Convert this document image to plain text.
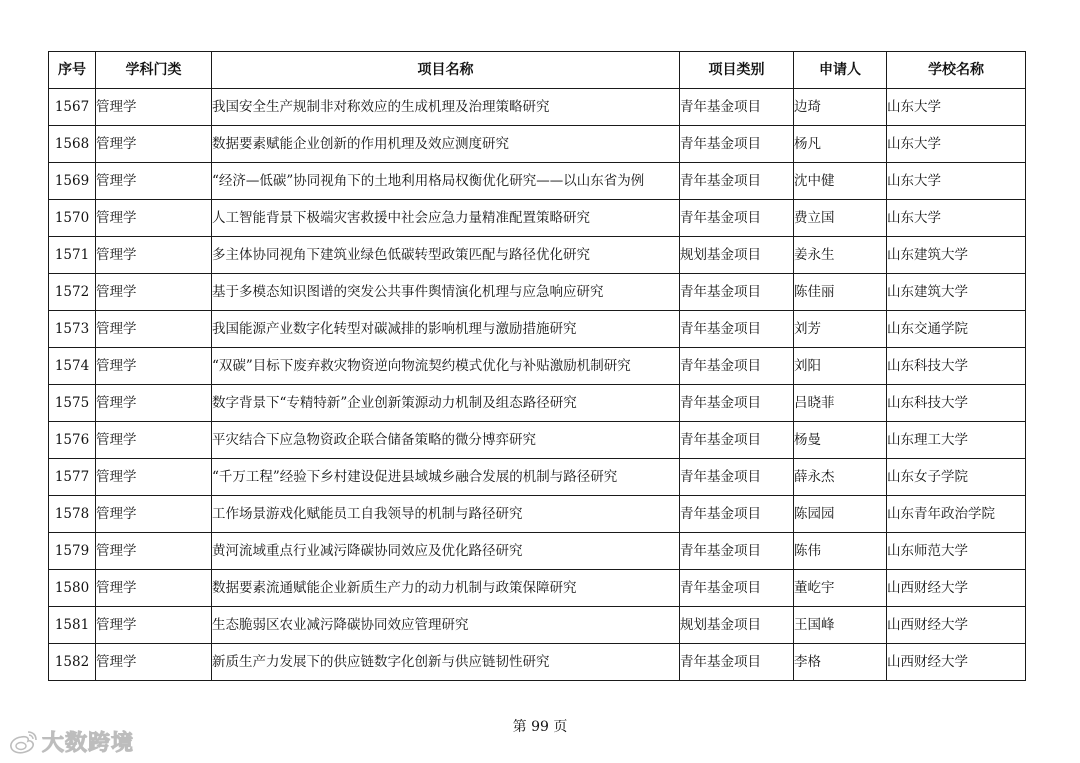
序号	学科门类	项目名称	项目类别	申请人	学校名称
1567	管理学	我国安全生产规制非对称效应的生成机理及治理策略研究	青年基金项目	边琦	山东大学
1568	管理学	数据要素赋能企业创新的作用机理及效应测度研究	青年基金项目	杨凡	山东大学
1569	管理学	“经济—低碳”协同视角下的土地利用格局权衡优化研究——以山东省为例	青年基金项目	沈中健	山东大学
1570	管理学	人工智能背景下极端灾害救援中社会应急力量精准配置策略研究	青年基金项目	费立国	山东大学
1571	管理学	多主体协同视角下建筑业绿色低碳转型政策匹配与路径优化研究	规划基金项目	姜永生	山东建筑大学
1572	管理学	基于多模态知识图谱的突发公共事件舆情演化机理与应急响应研究	青年基金项目	陈佳丽	山东建筑大学
1573	管理学	我国能源产业数字化转型对碳减排的影响机理与激励措施研究	青年基金项目	刘芳	山东交通学院
1574	管理学	“双碳”目标下废弃救灾物资逆向物流契约模式优化与补贴激励机制研究	青年基金项目	刘阳	山东科技大学
1575	管理学	数字背景下“专精特新”企业创新策源动力机制及组态路径研究	青年基金项目	吕晓菲	山东科技大学
1576	管理学	平灾结合下应急物资政企联合储备策略的微分博弈研究	青年基金项目	杨曼	山东理工大学
1577	管理学	“千万工程”经验下乡村建设促进县域城乡融合发展的机制与路径研究	青年基金项目	薛永杰	山东女子学院
1578	管理学	工作场景游戏化赋能员工自我领导的机制与路径研究	青年基金项目	陈园园	山东青年政治学院
1579	管理学	黄河流域重点行业减污降碳协同效应及优化路径研究	青年基金项目	陈伟	山东师范大学
1580	管理学	数据要素流通赋能企业新质生产力的动力机制与政策保障研究	青年基金项目	董屹宇	山西财经大学
1581	管理学	生态脆弱区农业减污降碳协同效应管理研究	规划基金项目	王国峰	山西财经大学
1582	管理学	新质生产力发展下的供应链数字化创新与供应链韧性研究	青年基金项目	李格	山西财经大学
第 99 页
大数跨境
